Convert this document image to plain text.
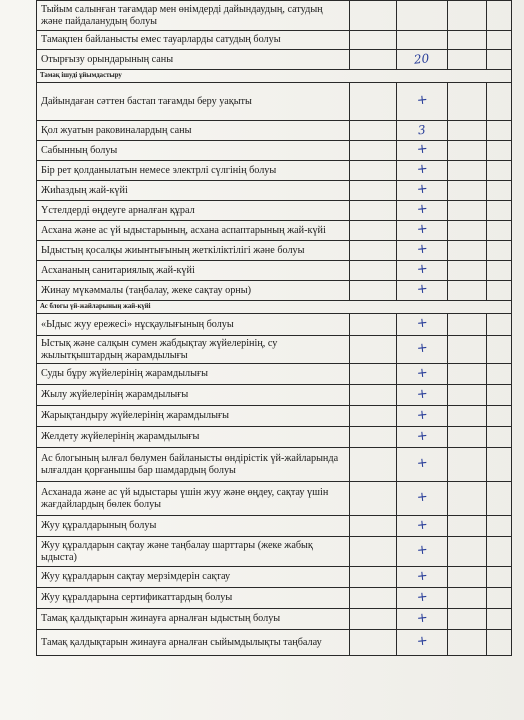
Тыйым салынған тағамдар мен өнімдерді дайындаудың, сатудың және пайдаланудың болуы				
Тамақпен байланысты емес тауарларды сатудың болуы				
Отырғызу орындарының саны		20		
Тамақ ішуді ұйымдастыру				
Дайындаған сәттен бастап тағамды беру уақыты		+		
Қол жуатын раковиналардың саны		3		
Сабынның болуы		+		
Бір рет қолданылатын немесе электрлі сүлгінің болуы		+		
Жиһаздың жай-күйі		+		
Үстелдерді өңдеуге арналған құрал		+		
Асхана және ас үй ыдыстарының, асхана аспаптарының жай-күйі		+		
Ыдыстың қосалқы жиынтығының жеткіліктілігі және болуы		+		
Асхананың санитариялық жай-күйі		+		
Жинау мүкәммалы (таңбалау, жеке сақтау орны)		+		
Ас блогы үй-жайларының жай-күйі				
«Ыдыс жуу ережесі» нұсқаулығының болуы		+		
Ыстық және салқын сумен жабдықтау жүйелерінің, су жылытқыштардың жарамдылығы		+		
Суды бұру жүйелерінің жарамдылығы		+		
Жылу жүйелерінің жарамдылығы		+		
Жарықтандыру жүйелерінің жарамдылығы		+		
Желдету жүйелерінің жарамдылығы		+		
Ас блогының ылғал бөлумен байланысты өндірістік үй-жайларында ылғалдан қорғанышы бар шамдардың болуы		+		
Асханада және ас үй ыдыстары үшін жуу және өңдеу, сақтау үшін жағдайлардың бөлек болуы		+		
Жуу құралдарының болуы		+		
Жуу құралдарын сақтау және таңбалау шарттары (жеке жабық ыдыста)		+		
Жуу құралдарын сақтау мерзімдерін сақтау		+		
Жуу құралдарына сертификаттардың болуы		+		
Тамақ қалдықтарын жинауға арналған ыдыстың болуы		+		
Тамақ қалдықтарын жинауға арналған сыйымдылықты таңбалау		+		
